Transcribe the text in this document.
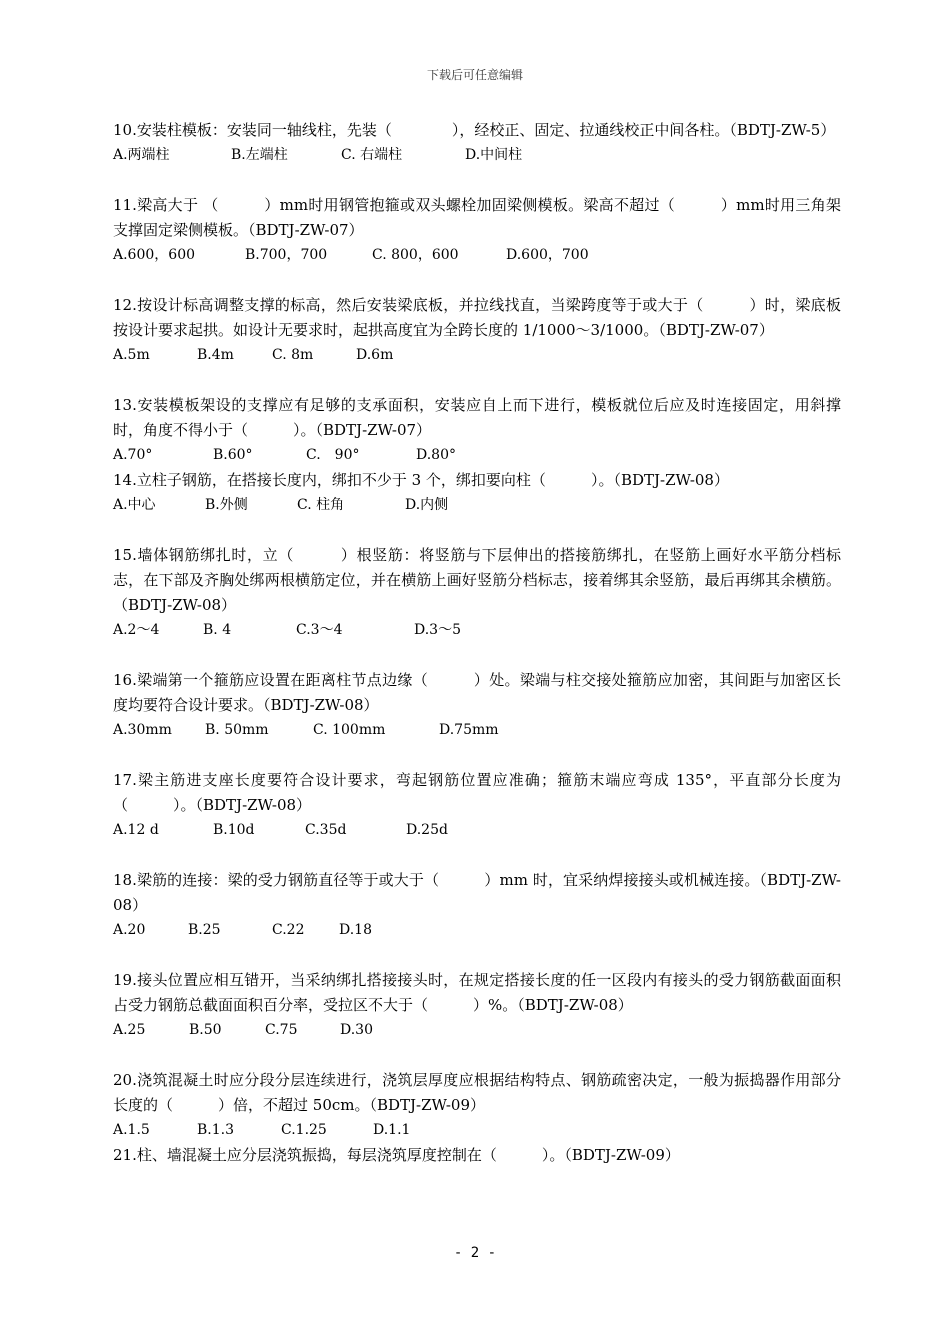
下载后可任意编辑

10.安装柱模板：安装同一轴线柱，先装（　　　　），经校正、固定、拉通线校正中间各柱。（BDTJ-ZW-5）

A.两端柱	B.左端柱	C. 右端柱	D.中间柱

11.梁高大于 （　　　）mm时用钢管抱箍或双头螺栓加固梁侧模板。梁高不超过（　　　）mm时用三角架支撑固定梁侧模板。（BDTJ-ZW-07）

A.600，600	B.700，700	C. 800，600	D.600，700

12.按设计标高调整支撑的标高，然后安装梁底板，并拉线找直，当梁跨度等于或大于（　　　）时，梁底板按设计要求起拱。如设计无要求时，起拱高度宜为全跨长度的 1/1000～3/1000。（BDTJ-ZW-07）

A.5m	B.4m	C. 8m	D.6m

13.安装模板架设的支撑应有足够的支承面积，安装应自上而下进行，模板就位后应及时连接固定，用斜撑时，角度不得小于（　　　）。（BDTJ-ZW-07）

A.70°	B.60°	C.　90°	D.80°

14.立柱子钢筋，在搭接长度内，绑扣不少于 3 个，绑扣要向柱（　　　）。（BDTJ-ZW-08）

A.中心	B.外侧	C. 柱角	D.内侧

15.墙体钢筋绑扎时，立（　　　）根竖筋：将竖筋与下层伸出的搭接筋绑扎，在竖筋上画好水平筋分档标志，在下部及齐胸处绑两根横筋定位，并在横筋上画好竖筋分档标志，接着绑其余竖筋，最后再绑其余横筋。（BDTJ-ZW-08）

A.2～4	B. 4	C.3～4	D.3～5

16.梁端第一个箍筋应设置在距离柱节点边缘（　　　）处。梁端与柱交接处箍筋应加密，其间距与加密区长度均要符合设计要求。（BDTJ-ZW-08）

A.30mm B. 50mm	C. 100mm	D.75mm

17.梁主筋进支座长度要符合设计要求，弯起钢筋位置应准确；箍筋末端应弯成 135°，平直部分长度为（　　　）。（BDTJ-ZW-08）

A.12 d	B.10d	C.35d	D.25d

18.梁筋的连接：梁的受力钢筋直径等于或大于（　　　）mm 时，宜采纳焊接接头或机械连接。（BDTJ-ZW-08）

A.20	B.25	C.22 D.18

19.接头位置应相互错开，当采纳绑扎搭接接头时，在规定搭接长度的任一区段内有接头的受力钢筋截面面积占受力钢筋总截面面积百分率，受拉区不大于（　　　）%。（BDTJ-ZW-08）

A.25	B.50	C.75	D.30

20.浇筑混凝土时应分段分层连续进行，浇筑层厚度应根据结构特点、钢筋疏密决定，一般为振捣器作用部分长度的（　　　）倍，不超过 50cm。（BDTJ-ZW-09）

A.1.5	B.1.3	C.1.25	D.1.1

21.柱、墙混凝土应分层浇筑振捣，每层浇筑厚度控制在（　　　）。（BDTJ-ZW-09）

- 2 -
